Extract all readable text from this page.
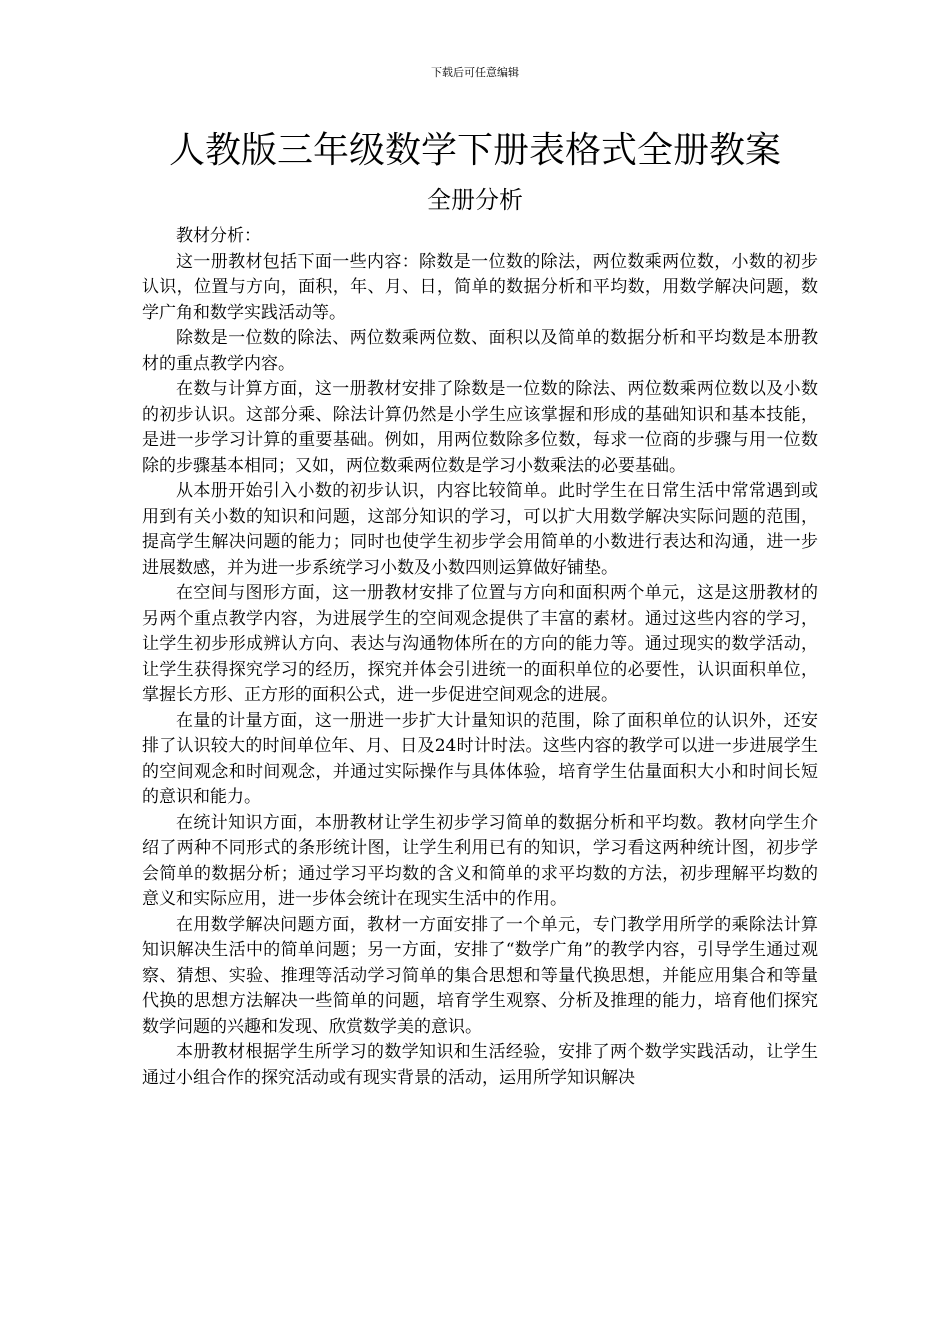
下载后可任意编辑
人教版三年级数学下册表格式全册教案
全册分析

教材分析：

这一册教材包括下面一些内容：除数是一位数的除法，两位数乘两位数，小数的初步认识，位置与方向，面积，年、月、日，简单的数据分析和平均数，用数学解决问题，数学广角和数学实践活动等。

除数是一位数的除法、两位数乘两位数、面积以及简单的数据分析和平均数是本册教材的重点教学内容。

在数与计算方面，这一册教材安排了除数是一位数的除法、两位数乘两位数以及小数的初步认识。这部分乘、除法计算仍然是小学生应该掌握和形成的基础知识和基本技能，是进一步学习计算的重要基础。例如，用两位数除多位数，每求一位商的步骤与用一位数除的步骤基本相同；又如，两位数乘两位数是学习小数乘法的必要基础。

从本册开始引入小数的初步认识，内容比较简单。此时学生在日常生活中常常遇到或用到有关小数的知识和问题，这部分知识的学习，可以扩大用数学解决实际问题的范围，提高学生解决问题的能力；同时也使学生初步学会用简单的小数进行表达和沟通，进一步进展数感，并为进一步系统学习小数及小数四则运算做好铺垫。

在空间与图形方面，这一册教材安排了位置与方向和面积两个单元，这是这册教材的另两个重点教学内容，为进展学生的空间观念提供了丰富的素材。通过这些内容的学习，让学生初步形成辨认方向、表达与沟通物体所在的方向的能力等。通过现实的数学活动，让学生获得探究学习的经历，探究并体会引进统一的面积单位的必要性，认识面积单位，掌握长方形、正方形的面积公式，进一步促进空间观念的进展。

在量的计量方面，这一册进一步扩大计量知识的范围，除了面积单位的认识外，还安排了认识较大的时间单位年、月、日及24时计时法。这些内容的教学可以进一步进展学生的空间观念和时间观念，并通过实际操作与具体体验，培育学生估量面积大小和时间长短的意识和能力。

在统计知识方面，本册教材让学生初步学习简单的数据分析和平均数。教材向学生介绍了两种不同形式的条形统计图，让学生利用已有的知识，学习看这两种统计图，初步学会简单的数据分析；通过学习平均数的含义和简单的求平均数的方法，初步理解平均数的意义和实际应用，进一步体会统计在现实生活中的作用。

在用数学解决问题方面，教材一方面安排了一个单元，专门教学用所学的乘除法计算知识解决生活中的简单问题；另一方面，安排了“数学广角”的教学内容，引导学生通过观察、猜想、实验、推理等活动学习简单的集合思想和等量代换思想，并能应用集合和等量代换的思想方法解决一些简单的问题，培育学生观察、分析及推理的能力，培育他们探究数学问题的兴趣和发现、欣赏数学美的意识。

本册教材根据学生所学习的数学知识和生活经验，安排了两个数学实践活动，让学生通过小组合作的探究活动或有现实背景的活动，运用所学知识解决
